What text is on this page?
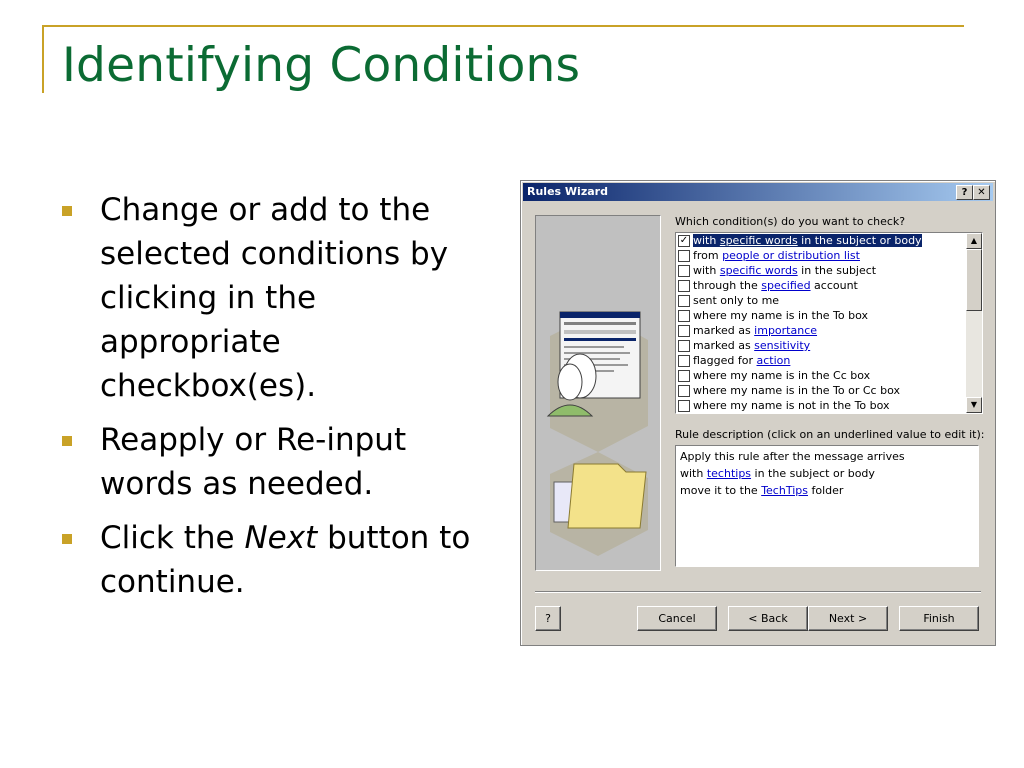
Identifying Conditions
Change or add to the selected conditions by clicking in the appropriate checkbox(es).
Reapply or Re-input words as needed.
Click the Next button to continue.
Rules Wizard	? ✕
Which condition(s) do you want to check?
✓ with specific words in the subject or body
from people or distribution list
with specific words in the subject
through the specified account
sent only to me
where my name is in the To box
marked as importance
marked as sensitivity
flagged for action
where my name is in the Cc box
where my name is in the To or Cc box
where my name is not in the To box
▲
▼
Rule description (click on an underlined value to edit it):
Apply this rule after the message arrives
with techtips in the subject or body
move it to the TechTips folder
?	Cancel	< Back	Next >	Finish
